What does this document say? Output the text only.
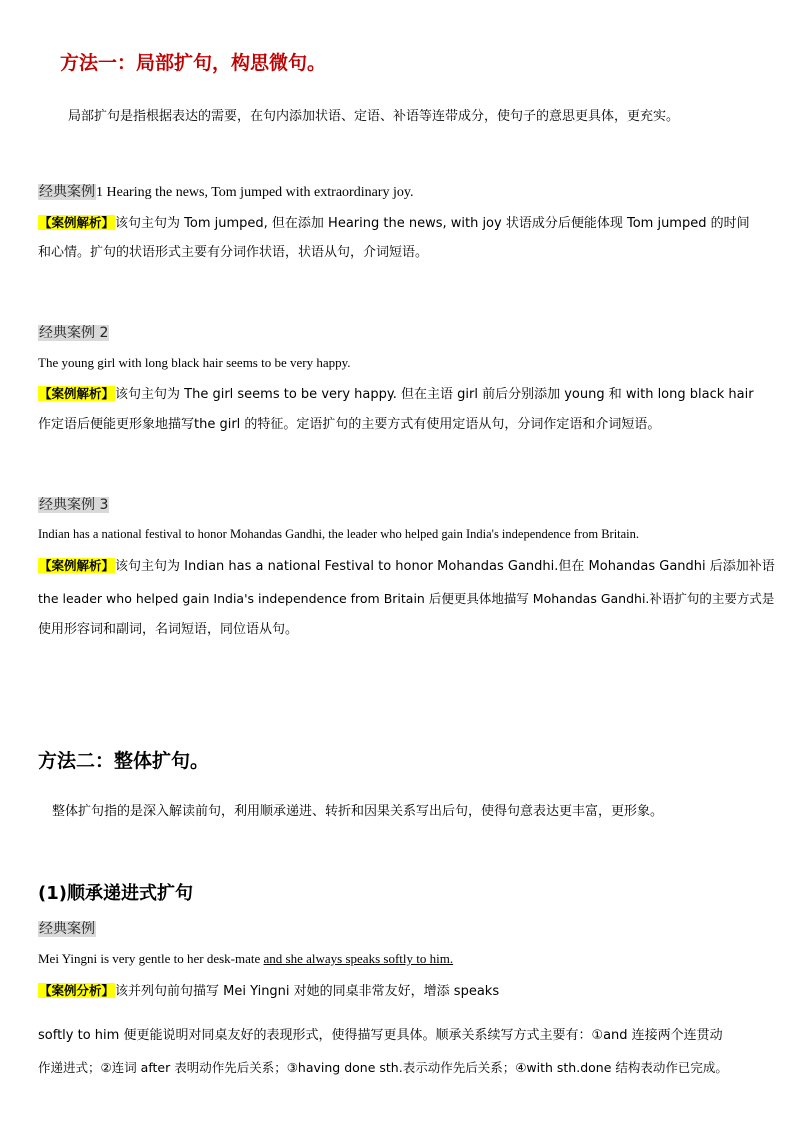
方法一：局部扩句，构思微句。
局部扩句是指根据表达的需要，在句内添加状语、定语、补语等连带成分，使句子的意思更具体，更充实。
经典案例1 Hearing the news, Tom jumped with extraordinary joy.
【案例解析】该句主句为 Tom jumped, 但在添加 Hearing the news, with joy 状语成分后便能体现 Tom jumped 的时间
和心情。扩句的状语形式主要有分词作状语，状语从句，介词短语。
经典案例 2
The young girl with long black hair seems to be very happy.
【案例解析】该句主句为 The girl seems to be very happy. 但在主语 girl 前后分别添加 young 和 with long black hair
作定语后便能更形象地描写the girl 的特征。定语扩句的主要方式有使用定语从句，分词作定语和介词短语。
经典案例 3
Indian has a national festival to honor Mohandas Gandhi, the leader who helped gain India's independence from Britain.
【案例解析】该句主句为 Indian has a national Festival to honor Mohandas Gandhi.但在 Mohandas Gandhi 后添加补语
the leader who helped gain India's independence from Britain 后便更具体地描写 Mohandas Gandhi.补语扩句的主要方式是
使用形容词和副词，名词短语，同位语从句。
方法二：整体扩句。
整体扩句指的是深入解读前句，利用顺承递进、转折和因果关系写出后句，使得句意表达更丰富，更形象。
(1)顺承递进式扩句
经典案例
Mei Yingni is very gentle to her desk-mate and she always speaks softly to him.
【案例分析】该并列句前句描写 Mei Yingni 对她的同桌非常友好，增添 speaks
softly to him 便更能说明对同桌友好的表现形式，使得描写更具体。顺承关系续写方式主要有：①and 连接两个连贯动
作递进式；②连词 after 表明动作先后关系；③having done sth.表示动作先后关系；④with sth.done 结构表动作已完成。
